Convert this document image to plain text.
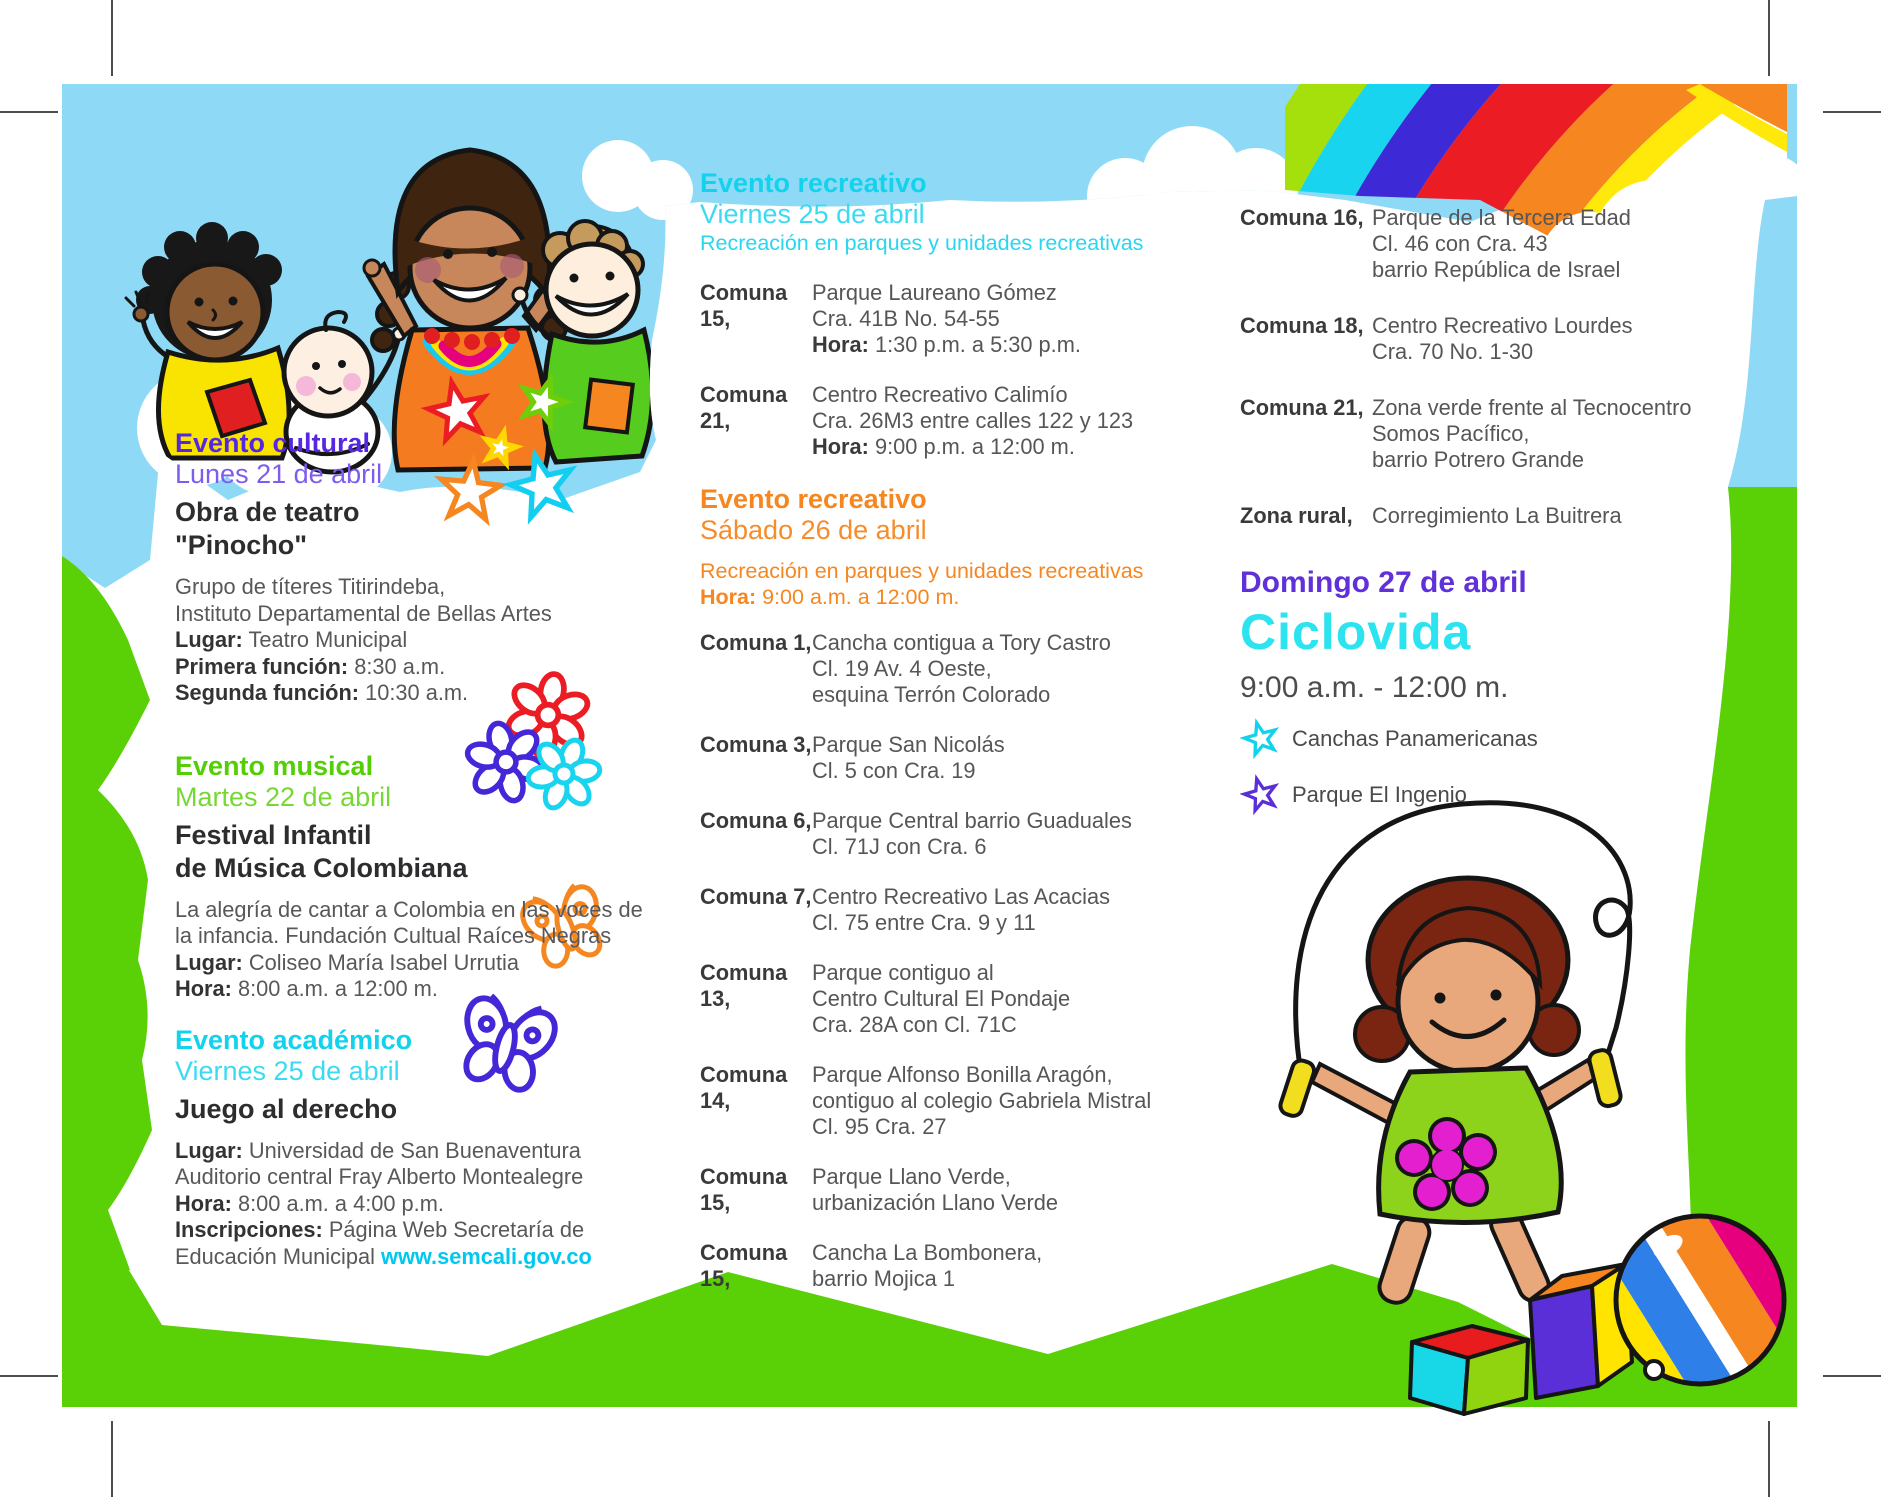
Evento cultural
Lunes 21 de abril
Obra de teatro
"Pinocho"
Grupo de títeres Titirindeba,
Instituto Departamental de Bellas Artes
Lugar: Teatro Municipal
Primera función: 8:30 a.m.
Segunda función: 10:30 a.m.
Evento musical
Martes 22 de abril
Festival Infantil
de Música Colombiana
La alegría de cantar a Colombia en las voces de
la infancia. Fundación Cultual Raíces Negras
Lugar: Coliseo María Isabel Urrutia
Hora: 8:00 a.m. a 12:00 m.
Evento académico
Viernes 25 de abril
Juego al derecho
Lugar: Universidad de San Buenaventura
Auditorio central Fray Alberto Montealegre
Hora: 8:00 a.m. a 4:00 p.m.
Inscripciones: Página Web Secretaría de
Educación Municipal www.semcali.gov.co
Evento recreativo
Viernes 25 de abril
Recreación en parques y unidades recreativas
Comuna 15,
Parque Laureano Gómez
Cra. 41B No. 54-55
Hora: 1:30 p.m. a 5:30 p.m.
Comuna 21,
Centro Recreativo Calimío
Cra. 26M3 entre calles 122 y 123
Hora: 9:00 p.m. a 12:00 m.
Evento recreativo
Sábado 26 de abril
Recreación en parques y unidades recreativas
Hora: 9:00 a.m. a 12:00 m.
Comuna 1, Cancha contigua a Tory Castro
Cl. 19 Av. 4 Oeste,
esquina Terrón Colorado
Comuna 3, Parque San Nicolás
Cl. 5 con Cra. 19
Comuna 6, Parque Central barrio Guaduales
Cl. 71J con Cra. 6
Comuna 7, Centro Recreativo Las Acacias
Cl. 75 entre Cra. 9 y 11
Comuna 13,
Parque contiguo al
Centro Cultural El Pondaje
Cra. 28A con Cl. 71C
Comuna 14,
Parque Alfonso Bonilla Aragón,
contiguo al colegio Gabriela Mistral
Cl. 95 Cra. 27
Comuna 15,
Parque Llano Verde,
urbanización Llano Verde
Comuna 15,
Cancha La Bombonera,
barrio Mojica 1
Comuna 16, Parque de la Tercera Edad
Cl. 46 con Cra. 43
barrio República de Israel
Comuna 18, Centro Recreativo Lourdes
Cra. 70 No. 1-30
Comuna 21, Zona verde frente al Tecnocentro
Somos Pacífico,
barrio Potrero Grande
Zona rural, Corregimiento La Buitrera
Domingo 27 de abril
Ciclovida
9:00 a.m. - 12:00 m.
Canchas Panamericanas
Parque El Ingenio
